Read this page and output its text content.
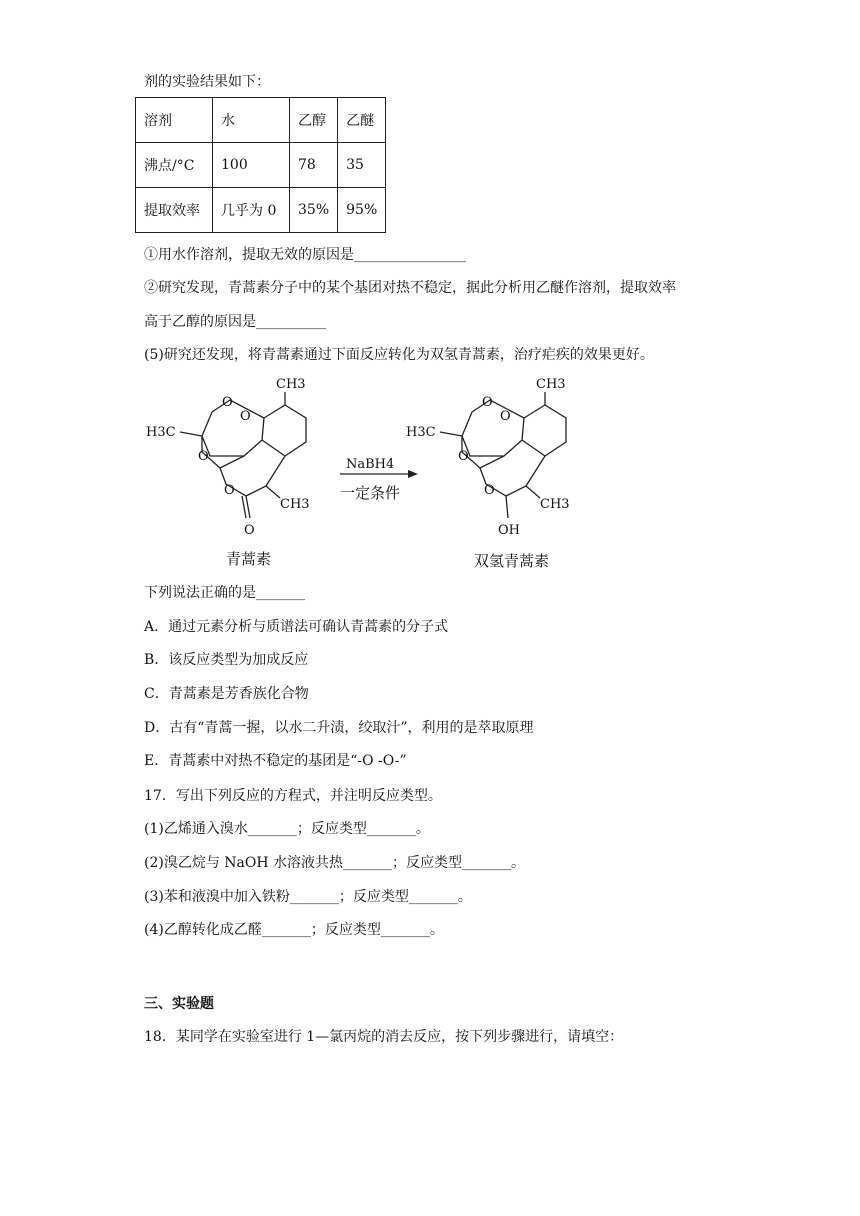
剂的实验结果如下：
溶剂	水	乙醇	乙醚
沸点/°C	100	78	35
提取效率	几乎为 0	35%	95%
①用水作溶剂，提取无效的原因是________________
②研究发现，青蒿素分子中的某个基团对热不稳定，据此分析用乙醚作溶剂，提取效率
高于乙醇的原因是__________
(5)研究还发现，将青蒿素通过下面反应转化为双氢青蒿素，治疗疟疾的效果更好。
CH3
H3C
O
O
O
O
CH3
O
CH3
H3C
O
O
O
O
CH3
OH
NaBH4
一定条件
青蒿素	双氢青蒿素
下列说法正确的是_______
A．通过元素分析与质谱法可确认青蒿素的分子式
B．该反应类型为加成反应
C．青蒿素是芳香族化合物
D．古有“青蒿一握，以水二升渍，绞取汁”，利用的是萃取原理
E．青蒿素中对热不稳定的基团是“-O -O-”
17．写出下列反应的方程式，并注明反应类型。
(1)乙烯通入溴水_______；反应类型_______。
(2)溴乙烷与 NaOH 水溶液共热_______；反应类型_______。
(3)苯和液溴中加入铁粉_______；反应类型_______。
(4)乙醇转化成乙醛_______；反应类型_______。
三、实验题
18．某同学在实验室进行 1—氯丙烷的消去反应，按下列步骤进行，请填空：
